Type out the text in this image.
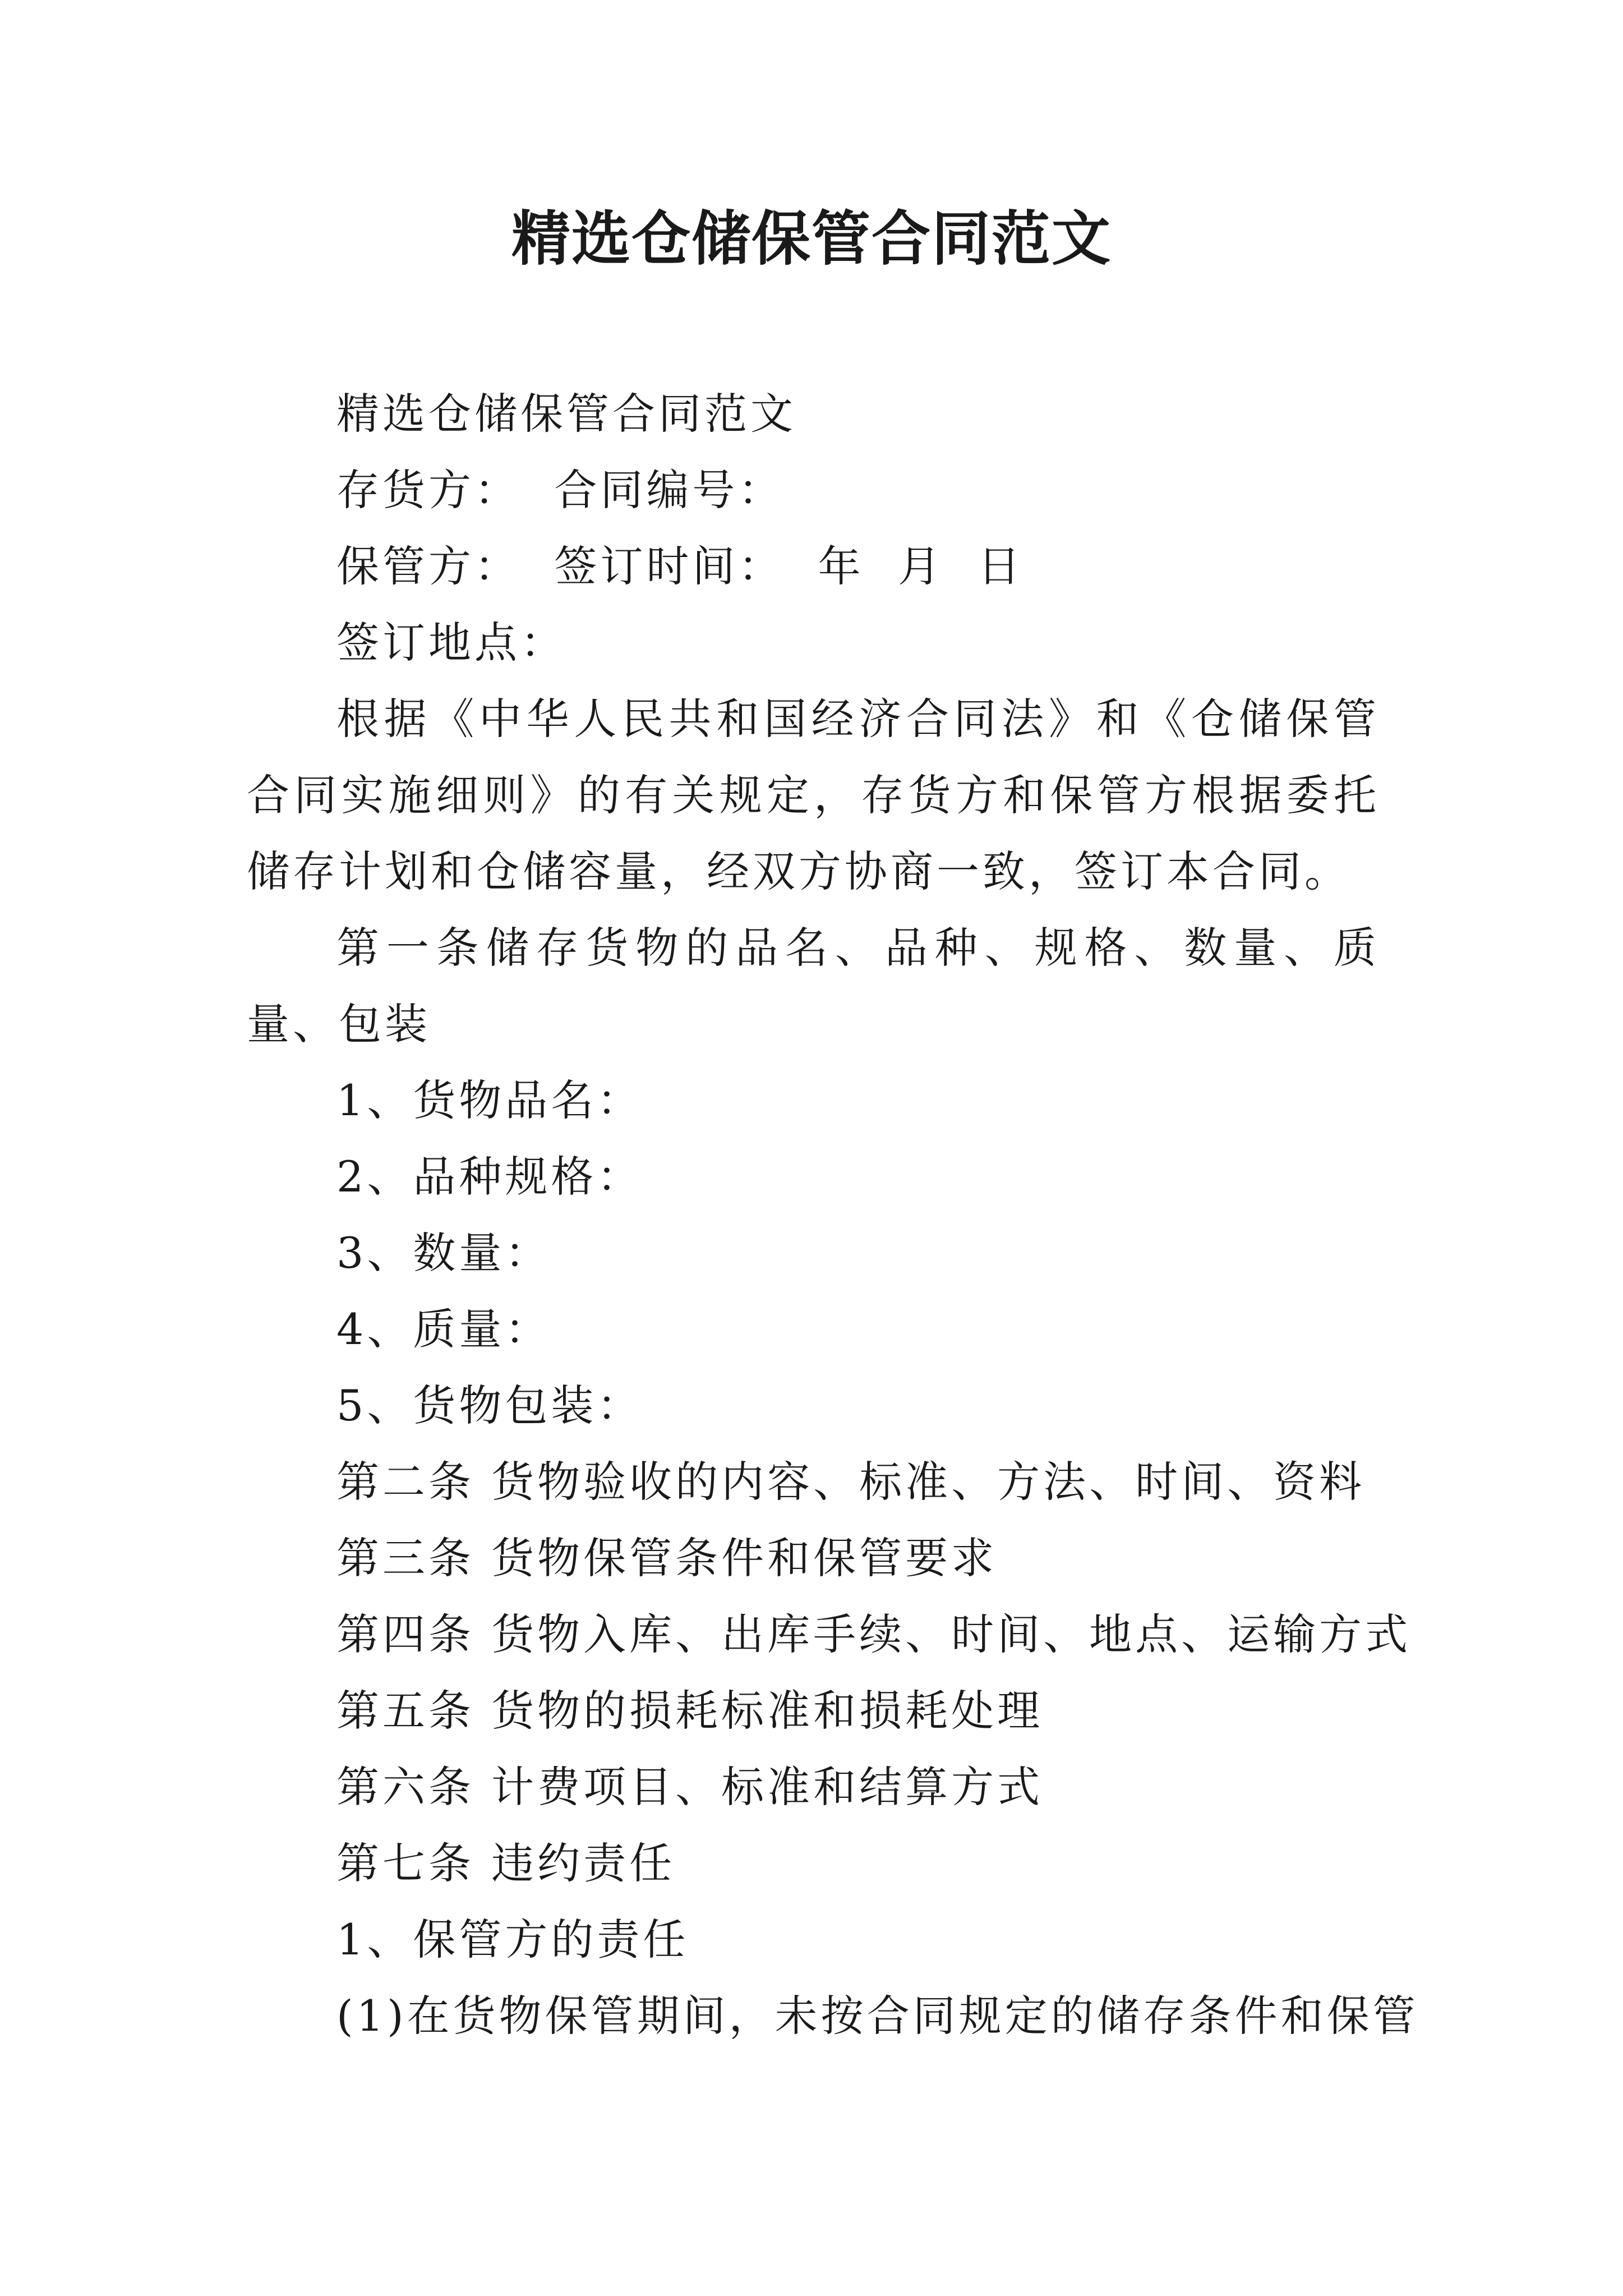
精选仓储保管合同范文

精选仓储保管合同范文

存货方：  合同编号：

保管方：  签订时间：  年  月  日

签订地点：

根据《中华人民共和国经济合同法》和《仓储保管合同实施细则》的有关规定，存货方和保管方根据委托储存计划和仓储容量，经双方协商一致，签订本合同。

第一条储存货物的品名、品种、规格、数量、质量、包装

1、货物品名：

2、品种规格：

3、数量：

4、质量：

5、货物包装：

第二条 货物验收的内容、标准、方法、时间、资料

第三条 货物保管条件和保管要求

第四条 货物入库、出库手续、时间、地点、运输方式

第五条 货物的损耗标准和损耗处理

第六条 计费项目、标准和结算方式

第七条 违约责任

1、保管方的责任

(1)在货物保管期间，未按合同规定的储存条件和保管
